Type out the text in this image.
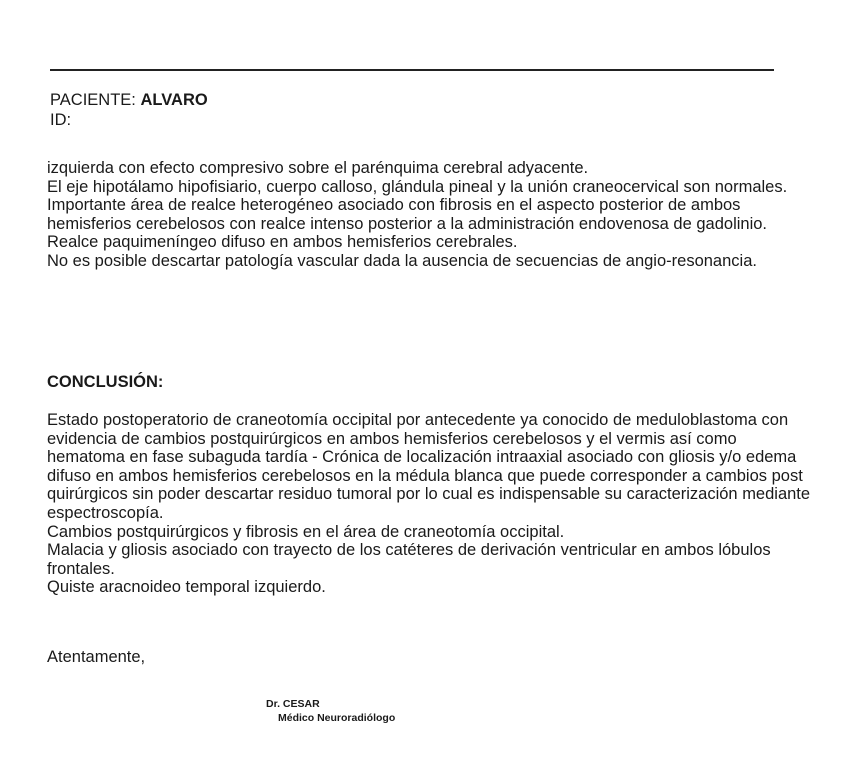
PACIENTE: ALVARO
ID:

izquierda con efecto compresivo sobre el parénquima cerebral adyacente.

El eje hipotálamo hipofisiario, cuerpo calloso, glándula pineal y la unión craneocervical son normales.

Importante área de realce heterogéneo asociado con fibrosis en el aspecto posterior de ambos hemisferios cerebelosos con realce intenso posterior a la administración endovenosa de gadolinio.

Realce paquimeníngeo difuso en ambos hemisferios cerebrales.

No es posible descartar patología vascular dada la ausencia de secuencias de angio-resonancia.

CONCLUSIÓN:

Estado postoperatorio de craneotomía occipital por antecedente ya conocido de meduloblastoma con evidencia de cambios postquirúrgicos en ambos hemisferios cerebelosos y el vermis así como hematoma en fase subaguda tardía - Crónica de localización intraaxial asociado con gliosis y/o edema difuso en ambos hemisferios cerebelosos en la médula blanca que puede corresponder a cambios post quirúrgicos sin poder descartar residuo tumoral por lo cual es indispensable su caracterización mediante espectroscopía.

Cambios postquirúrgicos y fibrosis en el área de craneotomía occipital.

Malacia y gliosis asociado con trayecto de los catéteres de derivación ventricular en ambos lóbulos frontales.

Quiste aracnoideo temporal izquierdo.

Atentamente,
Dr. CESAR
Médico Neuroradiólogo
